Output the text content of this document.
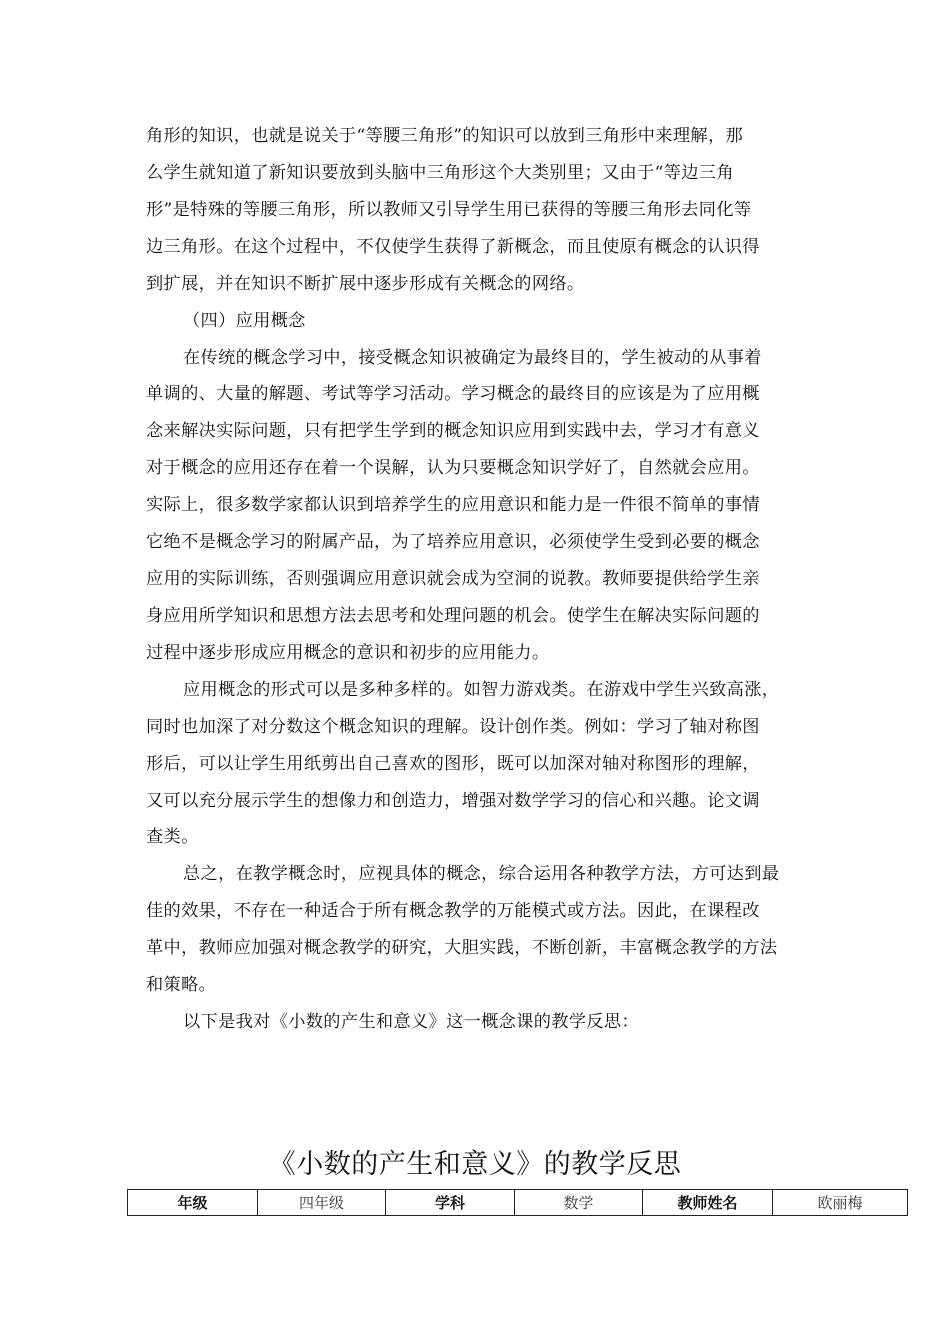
角形的知识，也就是说关于“等腰三角形”的知识可以放到三角形中来理解，那
么学生就知道了新知识要放到头脑中三角形这个大类别里；又由于“等边三角
形”是特殊的等腰三角形，所以教师又引导学生用已获得的等腰三角形去同化等
边三角形。在这个过程中，不仅使学生获得了新概念，而且使原有概念的认识得
到扩展，并在知识不断扩展中逐步形成有关概念的网络。
（四）应用概念
在传统的概念学习中，接受概念知识被确定为最终目的，学生被动的从事着
单调的、大量的解题、考试等学习活动。学习概念的最终目的应该是为了应用概
念来解决实际问题，只有把学生学到的概念知识应用到实践中去，学习才有意义
对于概念的应用还存在着一个误解，认为只要概念知识学好了，自然就会应用。
实际上，很多数学家都认识到培养学生的应用意识和能力是一件很不简单的事情
它绝不是概念学习的附属产品，为了培养应用意识，必须使学生受到必要的概念
应用的实际训练，否则强调应用意识就会成为空洞的说教。教师要提供给学生亲
身应用所学知识和思想方法去思考和处理问题的机会。使学生在解决实际问题的
过程中逐步形成应用概念的意识和初步的应用能力。
应用概念的形式可以是多种多样的。如智力游戏类。在游戏中学生兴致高涨，
同时也加深了对分数这个概念知识的理解。设计创作类。例如：学习了轴对称图
形后，可以让学生用纸剪出自己喜欢的图形，既可以加深对轴对称图形的理解，
又可以充分展示学生的想像力和创造力，增强对数学学习的信心和兴趣。论文调
查类。
总之，在教学概念时，应视具体的概念，综合运用各种教学方法，方可达到最
佳的效果，不存在一种适合于所有概念教学的万能模式或方法。因此，在课程改
革中，教师应加强对概念教学的研究，大胆实践，不断创新，丰富概念教学的方法
和策略。
以下是我对《小数的产生和意义》这一概念课的教学反思：
《小数的产生和意义》的教学反思
年级	四年级	学科	数学	教师姓名	欧丽梅
